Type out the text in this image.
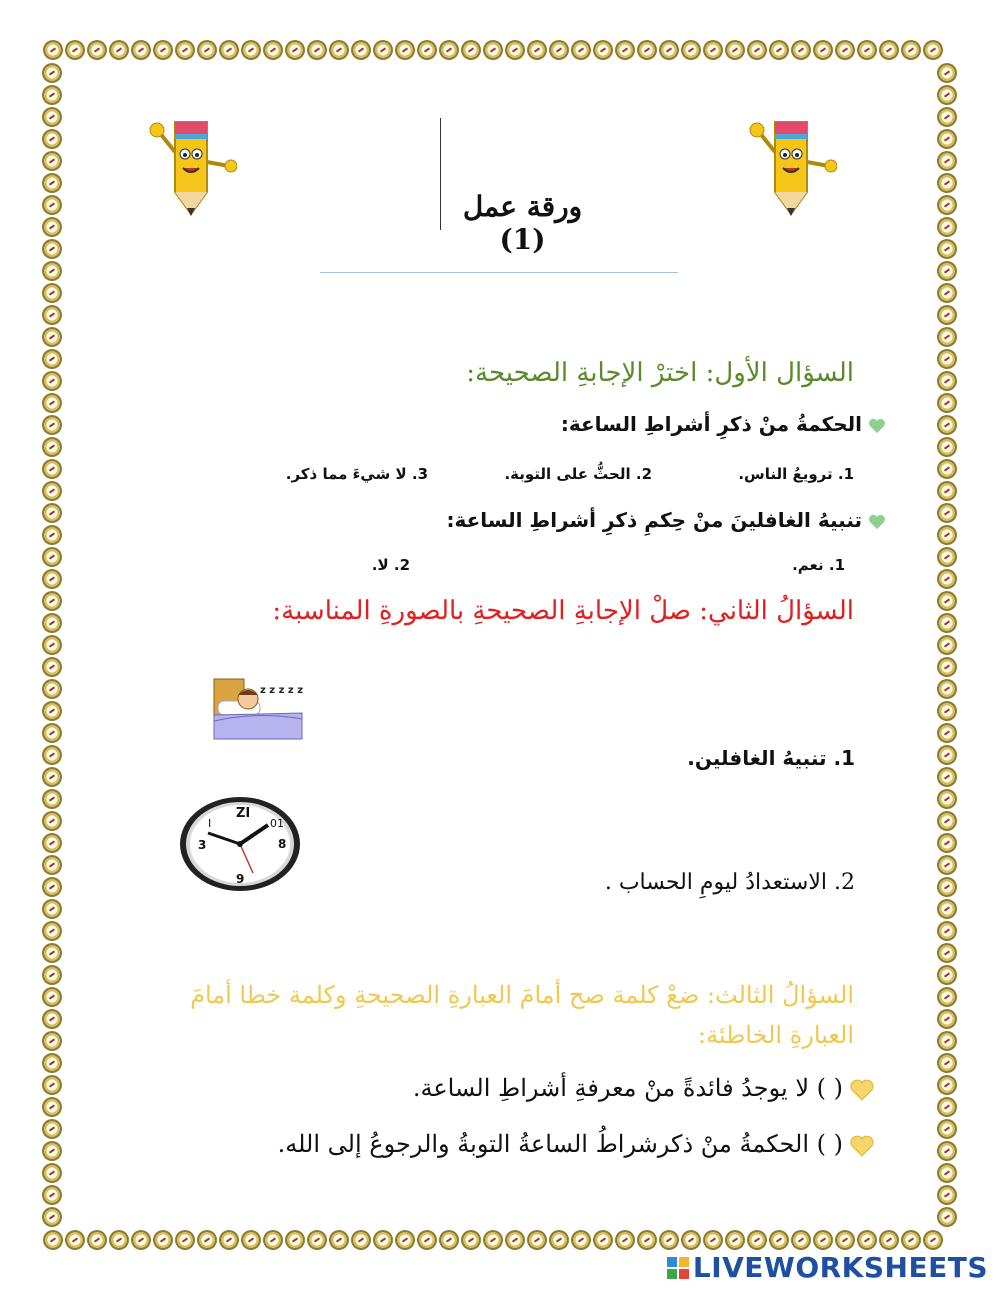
ورقة عمل (1)
السؤال الأول: اخترْ الإجابةِ الصحيحة:
الحكمةُ منْ ذكرِ أشراطِ الساعة:
1. ترويعُ الناس.
2. الحثُّ على التوبة.
3. لا شيءَ مما ذكر.
تنبيهُ الغافلينَ منْ حِكمِ ذكرِ أشراطِ الساعة:
1. نعم.
2. لا.
السؤالُ الثاني: صلْ الإجابةِ الصحيحةِ بالصورةِ المناسبة:
z z z z z
1. تنبيهُ الغافلين.
ZI
8
3
9
01
I
2. الاستعدادُ ليومِ الحساب .
السؤالُ الثالث: ضعْ كلمة صح أمامَ العبارةِ الصحيحةِ وكلمة خطا أمامَ العبارةِ الخاطئة:
( ) لا يوجدُ فائدةً منْ معرفةِ أشراطِ الساعة.
( ) الحكمةُ منْ ذكرشراطُ الساعةُ التوبةُ والرجوعُ إلى الله.
LIVEWORKSHEETS
